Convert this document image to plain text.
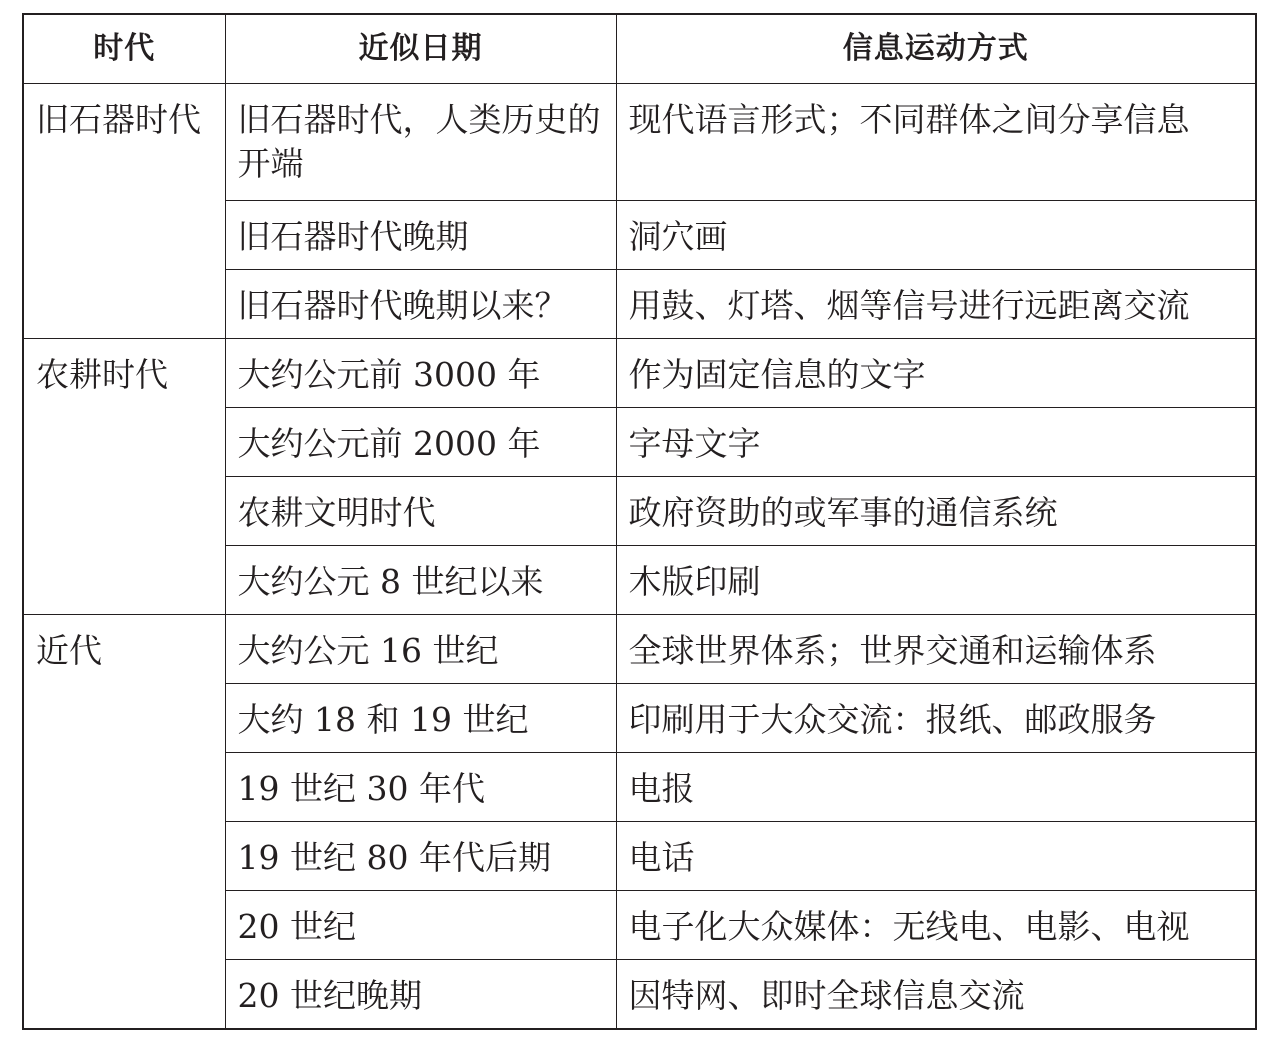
时代	近似日期	信息运动方式
旧石器时代	旧石器时代，人类历史的开端	现代语言形式；不同群体之间分享信息
	旧石器时代晚期	洞穴画
	旧石器时代晚期以来？	用鼓、灯塔、烟等信号进行远距离交流
农耕时代	大约公元前 3000 年	作为固定信息的文字
	大约公元前 2000 年	字母文字
	农耕文明时代	政府资助的或军事的通信系统
	大约公元 8 世纪以来	木版印刷
近代	大约公元 16 世纪	全球世界体系；世界交通和运输体系
	大约 18 和 19 世纪	印刷用于大众交流：报纸、邮政服务
	19 世纪 30 年代	电报
	19 世纪 80 年代后期	电话
	20 世纪	电子化大众媒体：无线电、电影、电视
	20 世纪晚期	因特网、即时全球信息交流
